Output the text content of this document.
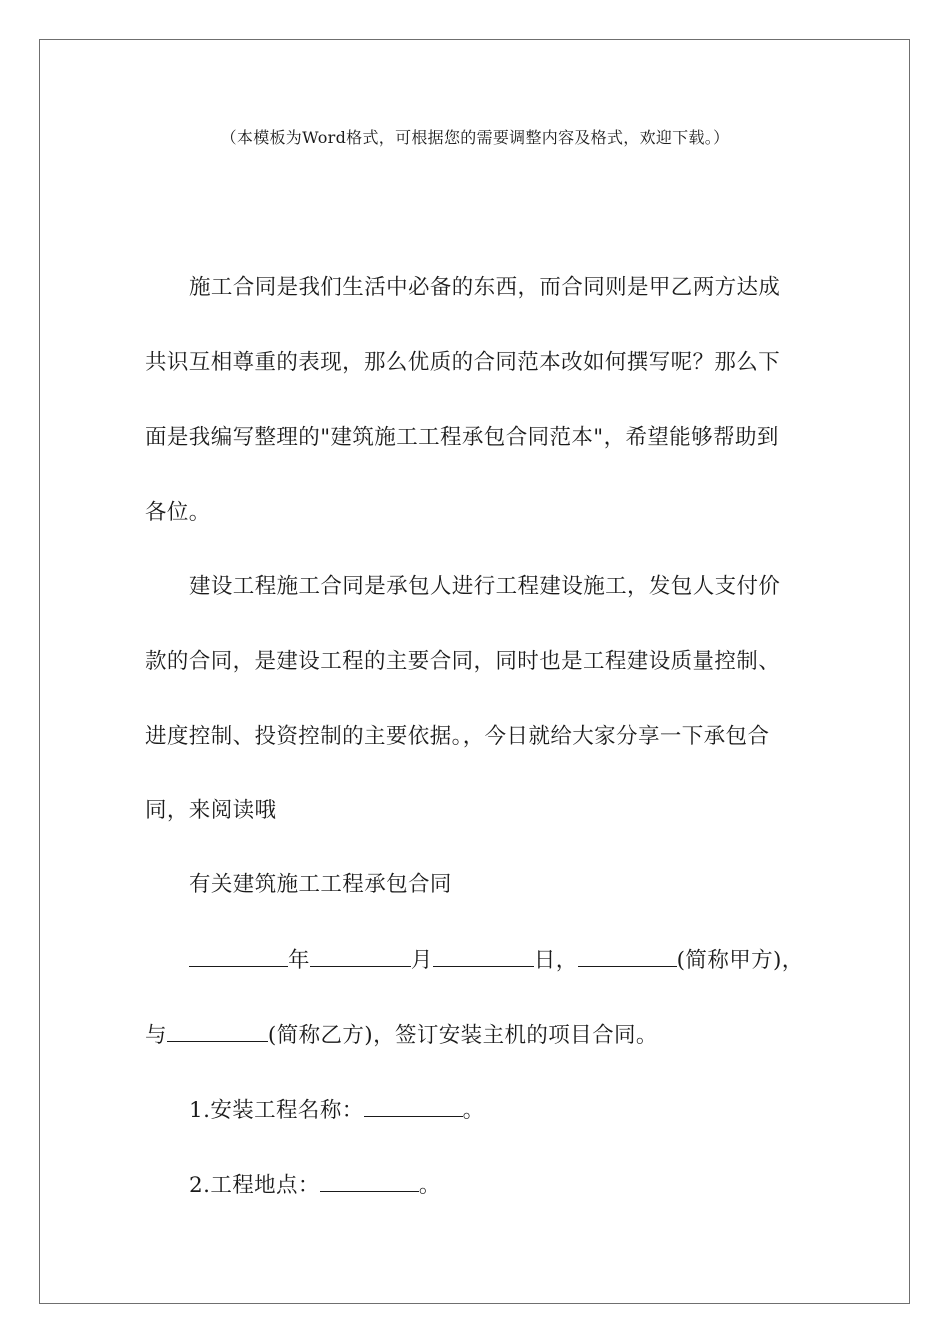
（本模板为Word格式，可根据您的需要调整内容及格式，欢迎下载。）
施工合同是我们生活中必备的东西，而合同则是甲乙两方达成
共识互相尊重的表现，那么优质的合同范本改如何撰写呢？那么下
面是我编写整理的"建筑施工工程承包合同范本"，希望能够帮助到
各位。
建设工程施工合同是承包人进行工程建设施工，发包人支付价
款的合同，是建设工程的主要合同，同时也是工程建设质量控制、
进度控制、投资控制的主要依据。，今日就给大家分享一下承包合
同，来阅读哦
有关建筑施工工程承包合同
年	月	日，	(简称甲方)，
与	(简称乙方)，签订安装主机的项目合同。
1.安装工程名称：	。
2.工程地点：	。
